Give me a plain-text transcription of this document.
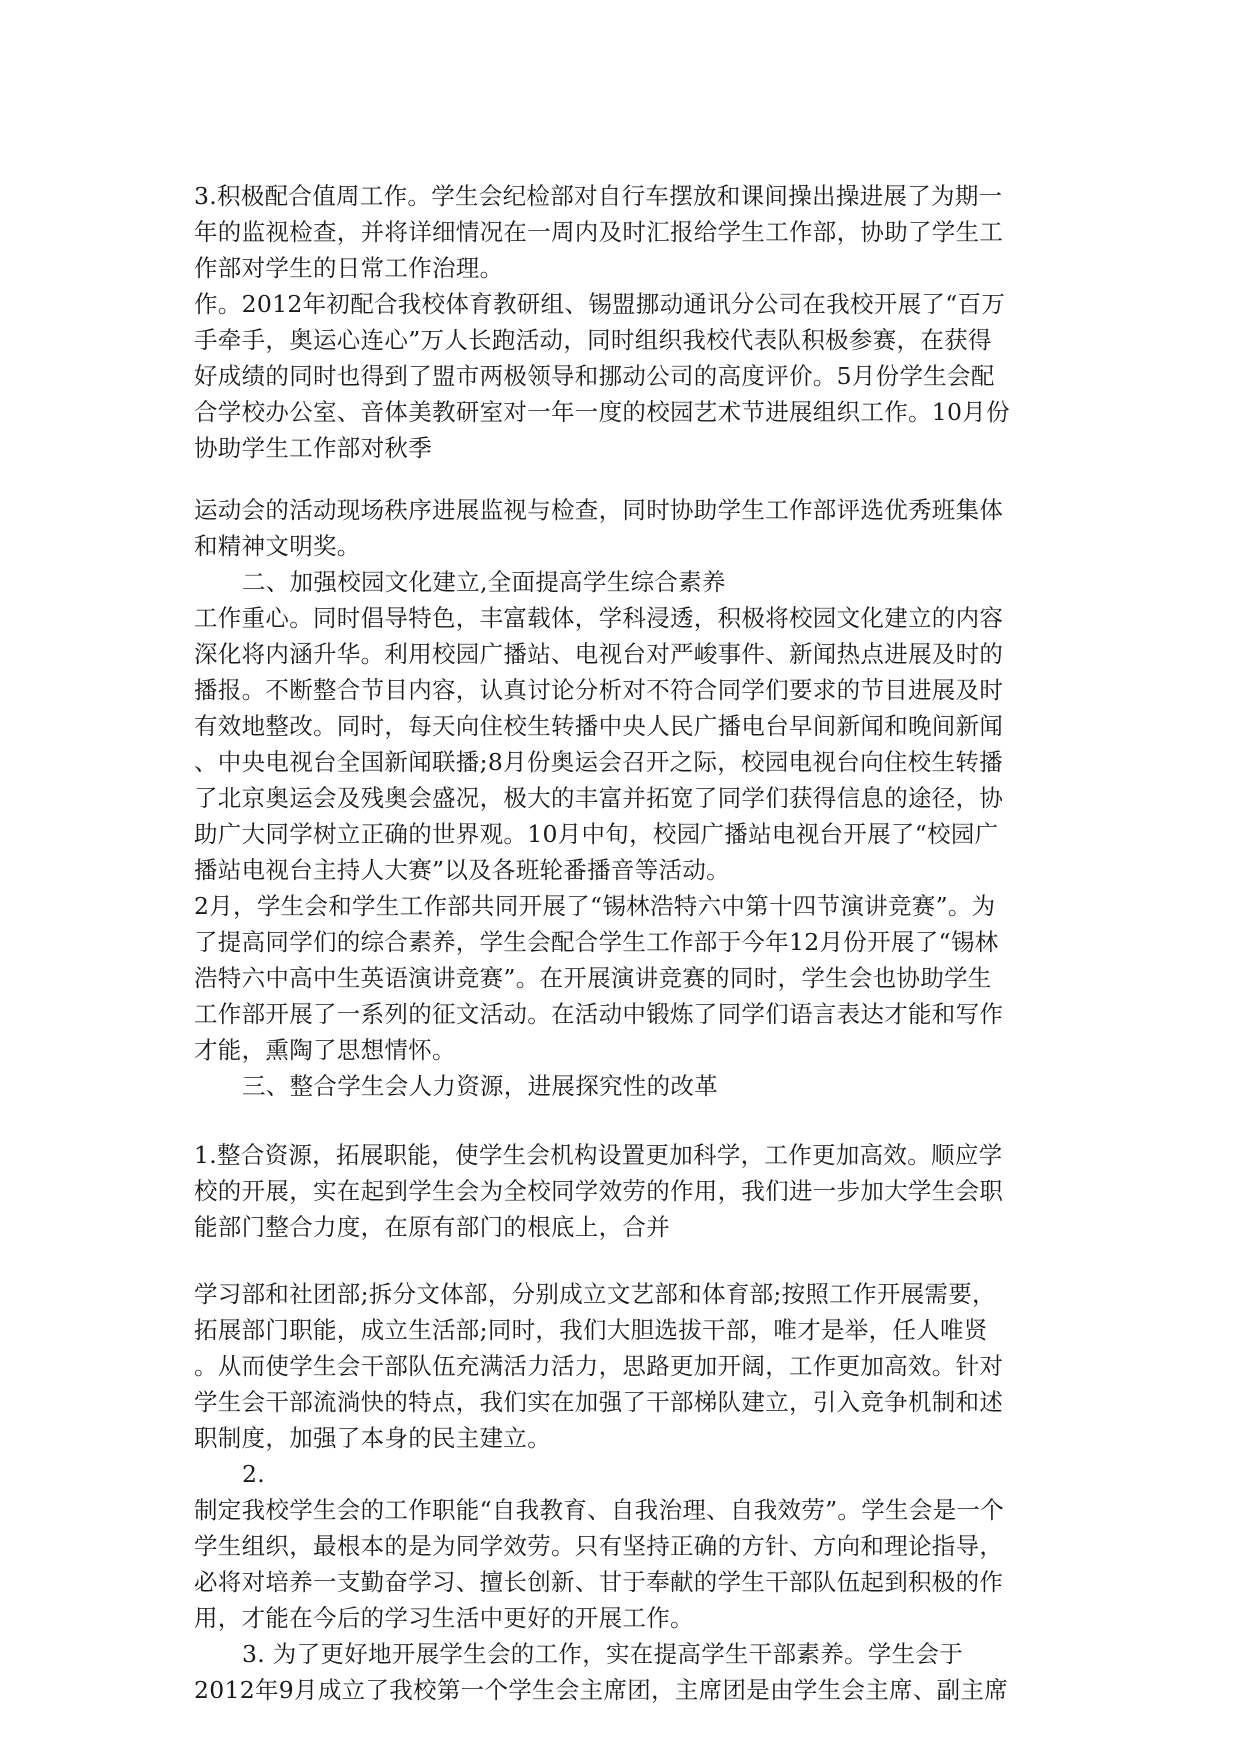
3.积极配合值周工作。学生会纪检部对自行车摆放和课间操出操进展了为期一
年的监视检查，并将详细情况在一周内及时汇报给学生工作部，协助了学生工
作部对学生的日常工作治理。
作。2012年初配合我校体育教研组、锡盟挪动通讯分公司在我校开展了“百万
手牵手，奥运心连心”万人长跑活动，同时组织我校代表队积极参赛，在获得
好成绩的同时也得到了盟市两极领导和挪动公司的高度评价。5月份学生会配
合学校办公室、音体美教研室对一年一度的校园艺术节进展组织工作。10月份
协助学生工作部对秋季
运动会的活动现场秩序进展监视与检查，同时协助学生工作部评选优秀班集体
和精神文明奖。
二、加强校园文化建立,全面提高学生综合素养
工作重心。同时倡导特色，丰富载体，学科浸透，积极将校园文化建立的内容
深化将内涵升华。利用校园广播站、电视台对严峻事件、新闻热点进展及时的
播报。不断整合节目内容，认真讨论分析对不符合同学们要求的节目进展及时
有效地整改。同时，每天向住校生转播中央人民广播电台早间新闻和晚间新闻
、中央电视台全国新闻联播;8月份奥运会召开之际，校园电视台向住校生转播
了北京奥运会及残奥会盛况，极大的丰富并拓宽了同学们获得信息的途径，协
助广大同学树立正确的世界观。10月中旬，校园广播站电视台开展了“校园广
播站电视台主持人大赛”以及各班轮番播音等活动。
2月，学生会和学生工作部共同开展了“锡林浩特六中第十四节演讲竞赛”。为
了提高同学们的综合素养，学生会配合学生工作部于今年12月份开展了“锡林
浩特六中高中生英语演讲竞赛”。在开展演讲竞赛的同时，学生会也协助学生
工作部开展了一系列的征文活动。在活动中锻炼了同学们语言表达才能和写作
才能，熏陶了思想情怀。
三、整合学生会人力资源，进展探究性的改革
1.整合资源，拓展职能，使学生会机构设置更加科学，工作更加高效。顺应学
校的开展，实在起到学生会为全校同学效劳的作用，我们进一步加大学生会职
能部门整合力度，在原有部门的根底上，合并
学习部和社团部;拆分文体部，分别成立文艺部和体育部;按照工作开展需要，
拓展部门职能，成立生活部;同时，我们大胆选拔干部，唯才是举，任人唯贤
。从而使学生会干部队伍充满活力活力，思路更加开阔，工作更加高效。针对
学生会干部流淌快的特点，我们实在加强了干部梯队建立，引入竞争机制和述
职制度，加强了本身的民主建立。
2.
制定我校学生会的工作职能“自我教育、自我治理、自我效劳”。学生会是一个
学生组织，最根本的是为同学效劳。只有坚持正确的方针、方向和理论指导，
必将对培养一支勤奋学习、擅长创新、甘于奉献的学生干部队伍起到积极的作
用，才能在今后的学习生活中更好的开展工作。
3. 为了更好地开展学生会的工作，实在提高学生干部素养。学生会于
2012年9月成立了我校第一个学生会主席团，主席团是由学生会主席、副主席
